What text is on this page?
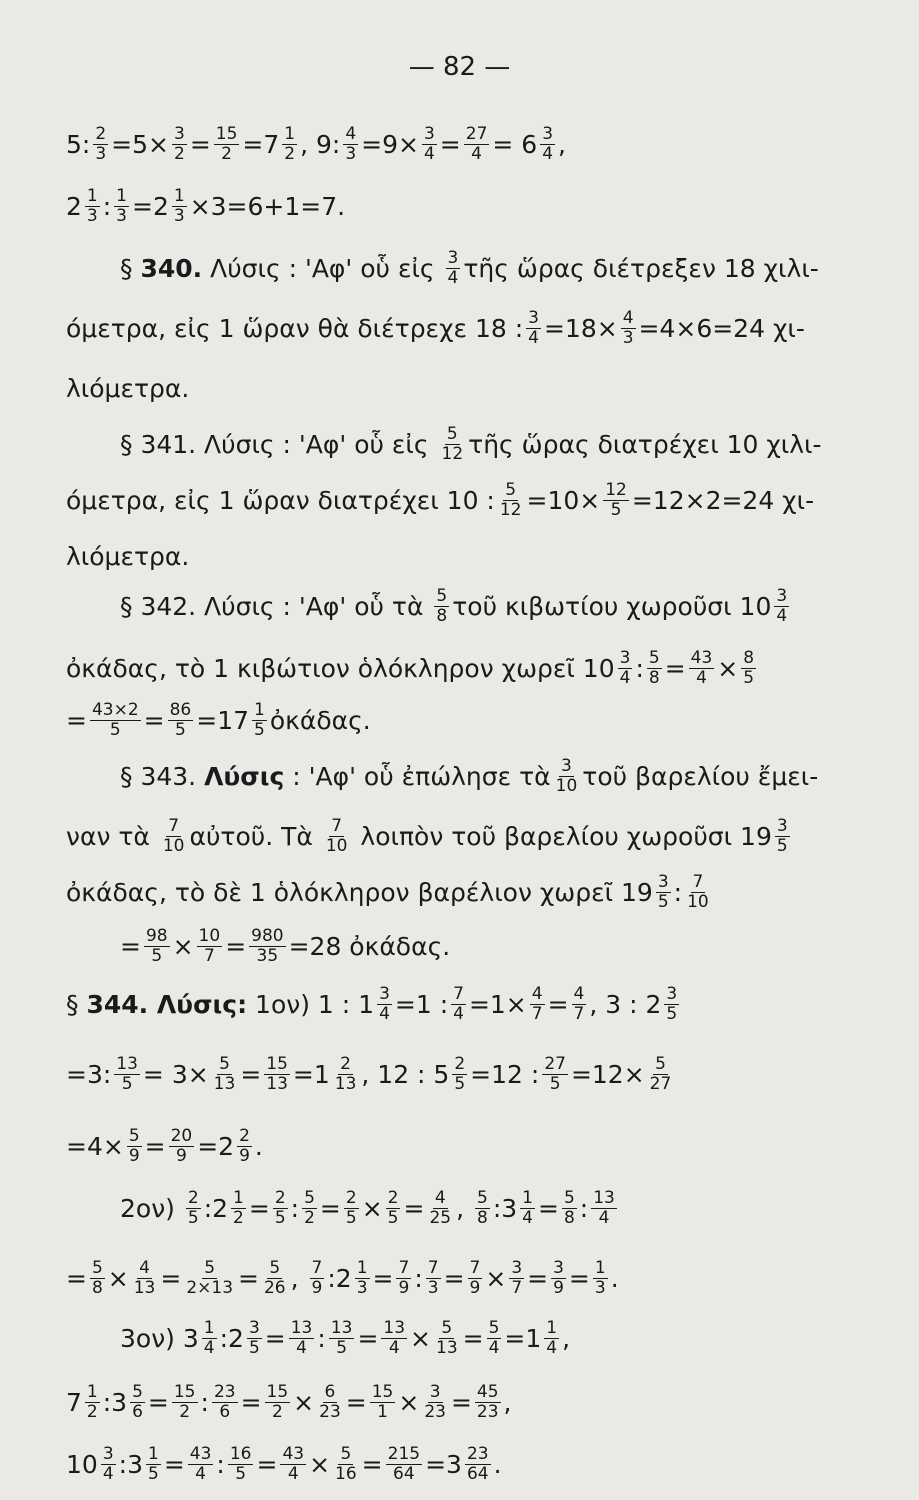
— 82 —
5: $\frac{2}{3} =5\times \frac{3}{2} = \frac{15}{2} =7 \frac{1}{2}$ , 9: $\frac{4}{3} =9\times \frac{3}{4} = \frac{27}{4} = 6 \frac{3}{4}$ ,
$2 \frac{1}{3}$ : $\frac{1}{3} =2 \frac{1}{3} \times 3=6+1=7$.
§ 340. Λύσις : 'Αφ' οὗ εἰς $\frac{3}{4}$ τῆς ὥρας διέτρεξεν 18 χιλι-
όμετρα, εἰς 1 ὥραν θὰ διέτρεχε 18 : $\frac{3}{4} =18\times \frac{4}{3} =4\times 6=24$ χι-
λιόμετρα.
§ 341. Λύσις : 'Αφ' οὗ εἰς $\frac{5}{12}$ τῆς ὥρας διατρέχει 10 χιλι-
όμετρα, εἰς 1 ὥραν διατρέχει 10 : $\frac{5}{12} =10\times \frac{12}{5} =12\times 2=24$ χι-
λιόμετρα.
§ 342. Λύσις : 'Αφ' οὗ τὰ $\frac{5}{8}$ τοῦ κιβωτίου χωροῦσι $10 \frac{3}{4}$
ὀκάδας, τὸ 1 κιβώτιον ὁλόκληρον χωρεῖ $10 \frac{3}{4}$ : $\frac{5}{8} = \frac{43}{4} \times \frac{8}{5}$
= $\frac{43\times 2}{5} = \frac{86}{5} =17 \frac{1}{5}$ ὀκάδας.
§ 343. Λύσις : 'Αφ' οὗ ἐπώλησε τὰ $\frac{3}{10}$ τοῦ βαρελίου ἔμει-
ναν τὰ $\frac{7}{10}$ αὐτοῦ. Τὰ $\frac{7}{10}$ λοιπὸν τοῦ βαρελίου χωροῦσι $19 \frac{3}{5}$
ὀκάδας, τὸ δὲ 1 ὁλόκληρον βαρέλιον χωρεῖ $19 \frac{3}{5}$ : $\frac{7}{10}$
= $\frac{98}{5} \times \frac{10}{7} = \frac{980}{35} =28$ ὀκάδας.
§ 344. Λύσις: 1ον) 1 : $1 \frac{3}{4} =1$ : $\frac{7}{4} =1\times \frac{4}{7} = \frac{4}{7}$ , 3 : $2 \frac{3}{5}$
=3: $\frac{13}{5} = 3\times \frac{5}{13} = \frac{15}{13} =1 \frac{2}{13}$ , 12 : $5 \frac{2}{5} =12$ : $\frac{27}{5} =12\times \frac{5}{27}$
$=4\times \frac{5}{9} = \frac{20}{9} =2 \frac{2}{9}$ .
$2o\nu) \frac{2}{5}$ :2 $\frac{1}{2} = \frac{2}{5}$ : $\frac{5}{2} = \frac{2}{5} \times \frac{2}{5} = \frac{4}{25}$ , $\frac{5}{8}$ :3 $\frac{1}{4} = \frac{5}{8}$ : $\frac{13}{4}$
= $\frac{5}{8} \times \frac{4}{13} = \frac{5}{2\times 13} = \frac{5}{26}$ , $\frac{7}{9}$ :2 $\frac{1}{3} = \frac{7}{9}$ : $\frac{7}{3} = \frac{7}{9} \times \frac{3}{7} = \frac{3}{9} = \frac{1}{3}$ .
3ον) $3 \frac{1}{4}$ :2 $\frac{3}{5} = \frac{13}{4}$ : $\frac{13}{5} = \frac{13}{4} \times \frac{5}{13} = \frac{5}{4} =1 \frac{1}{4}$ ,
$7 \frac{1}{2}$ :3 $\frac{5}{6} = \frac{15}{2}$ : $\frac{23}{6} = \frac{15}{2} \times \frac{6}{23} = \frac{15}{1} \times \frac{3}{23} = \frac{45}{23}$ ,
$10 \frac{3}{4}$ :3 $\frac{1}{5} = \frac{43}{4}$ : $\frac{16}{5} = \frac{43}{4} \times \frac{5}{16} = \frac{215}{64} =3 \frac{23}{64}$ .
